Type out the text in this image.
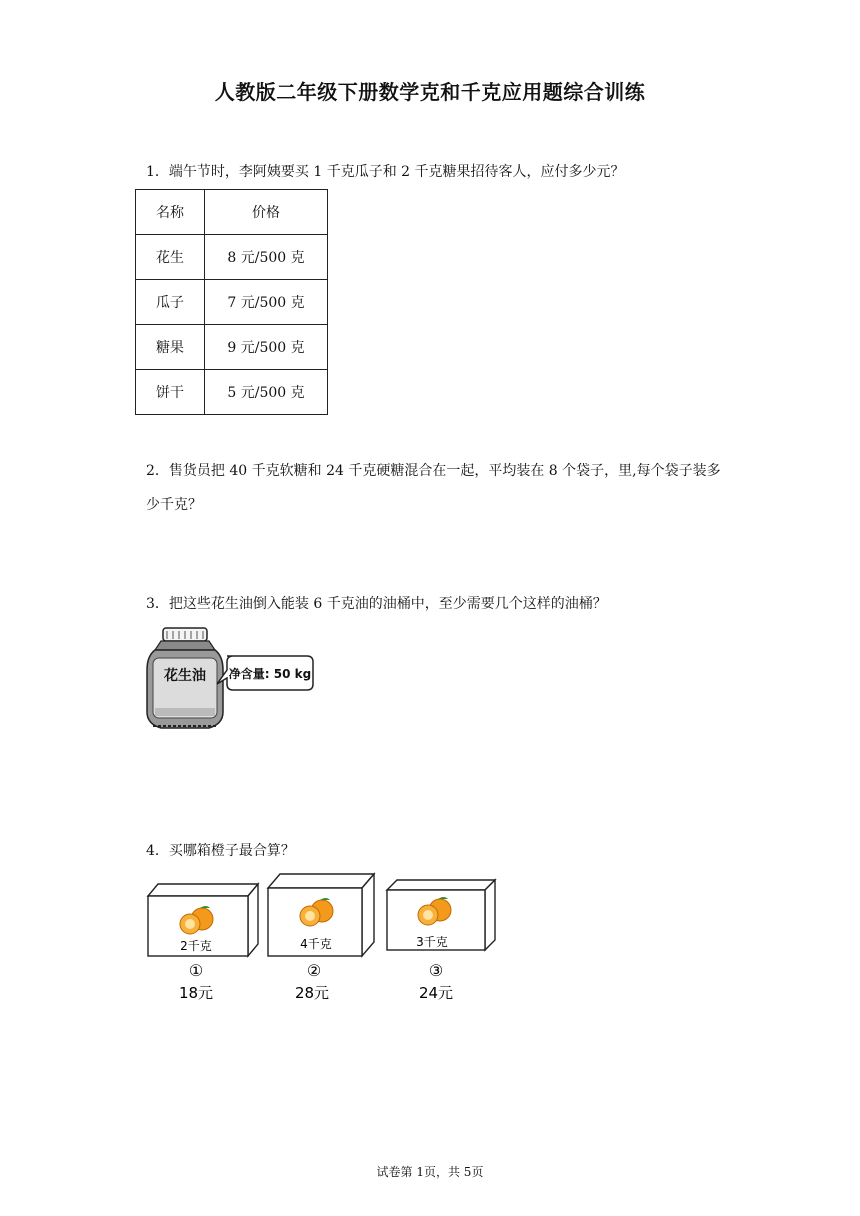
人教版二年级下册数学克和千克应用题综合训练
1．端午节时，李阿姨要买 1 千克瓜子和 2 千克糖果招待客人，应付多少元？
名称	价格
花生	8 元/500 克
瓜子	7 元/500 克
糖果	9 元/500 克
饼干	5 元/500 克
2．售货员把 40 千克软糖和 24 千克硬糖混合在一起，平均装在 8 个袋子，里,每个袋子装多少千克？
3．把这些花生油倒入能装 6 千克油的油桶中，至少需要几个这样的油桶？
花生油 净含量: 50 kg
4．买哪箱橙子最合算？
2千克
①
18元
4千克
②
28元
3千克
③
24元
试卷第 1页，共 5页
